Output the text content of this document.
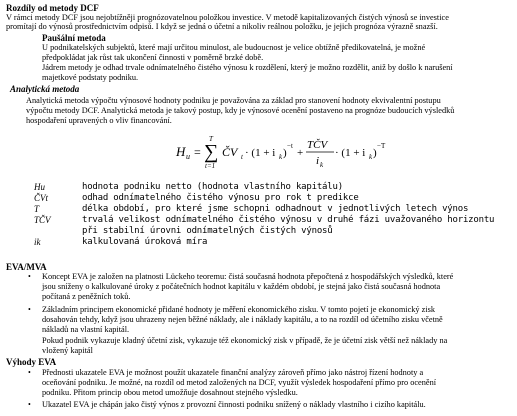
Rozdíly od metody DCF
V rámci metody DCF jsou nejobtížněji prognózovatelnou položkou investice. V metodě kapitalizovaných čistých výnosů se investice
promítají do výnosů prostřednictvím odpisů. I když se jedná o účetní a nikoliv reálnou položku, je jejich prognóza výrazně snazší.
Paušální metoda
U podnikatelských subjektů, které mají určitou minulost, ale budoucnost je velice obtížně předikovatelná, je možné
předpokládat jak růst tak ukončení činnosti v poměrně brzké době.
Jádrem metody je odhad trvale odnímatelného čistého výnosu k rozdělení, který je možno rozdělit, aniž by došlo k narušení
majetkové podstaty podniku.
Analytická metoda
Analytická metoda výpočtu výnosové hodnoty podniku je považována za základ pro stanovení hodnoty ekvivalentní postupu
výpočtu metody DCF. Analytická metoda je takový postup, kdy je výnosové ocenění postaveno na prognóze budoucích výsledků
hospodaření upravených o vliv financování.
H u =
T
∑
t=1
ČV t · (1 + i k )
−t
+
TČV
i k
· (1 + i k )
−T
Hu	hodnota podniku netto (hodnota vlastního kapitálu)
ČVt	odhad odnímatelného čistého výnosu pro rok t predikce
T	délka období, pro které jsme schopni odhadnout v jednotlivých letech výnos
TČV	trvalá velikost odnímatelného čistého výnosu v druhé fázi uvažovaného horizontu
při stabilní úrovni odnímatelných čistých výnosů
ik	kalkulovaná úroková míra
EVA/MVA
• Koncept EVA je založen na platnosti Lückeho teoremu: čistá současná hodnota přepočtená z hospodářských výsledků, které
jsou sníženy o kalkulované úroky z počátečních hodnot kapitálu v každém období, je stejná jako čistá současná hodnota
počítaná z peněžních toků.
• Základním principem ekonomické přidané hodnoty je měření ekonomického zisku. V tomto pojetí je ekonomický zisk
dosahován tehdy, když jsou uhrazeny nejen běžné náklady, ale i náklady kapitálu, a to na rozdíl od účetního zisku včetně
nákladů na vlastní kapitál.
Pokud podnik vykazuje kladný účetní zisk, vykazuje též ekonomický zisk v případě, že je účetní zisk větší než náklady na
vložený kapitál
Výhody EVA
• Přednosti ukazatele EVA je možnost použít ukazatele finanční analýzy zároveň přímo jako nástroj řízení hodnoty a
oceňování podniku. Je možné, na rozdíl od metod založených na DCF, využít výsledek hospodaření přímo pro ocenění
podniku. Přitom princip obou metod umožňuje dosahnout stejného výsledku.
• Ukazatel EVA je chápán jako čistý výnos z provozní činnosti podniku snížený o náklady vlastního i cizího kapitálu.
